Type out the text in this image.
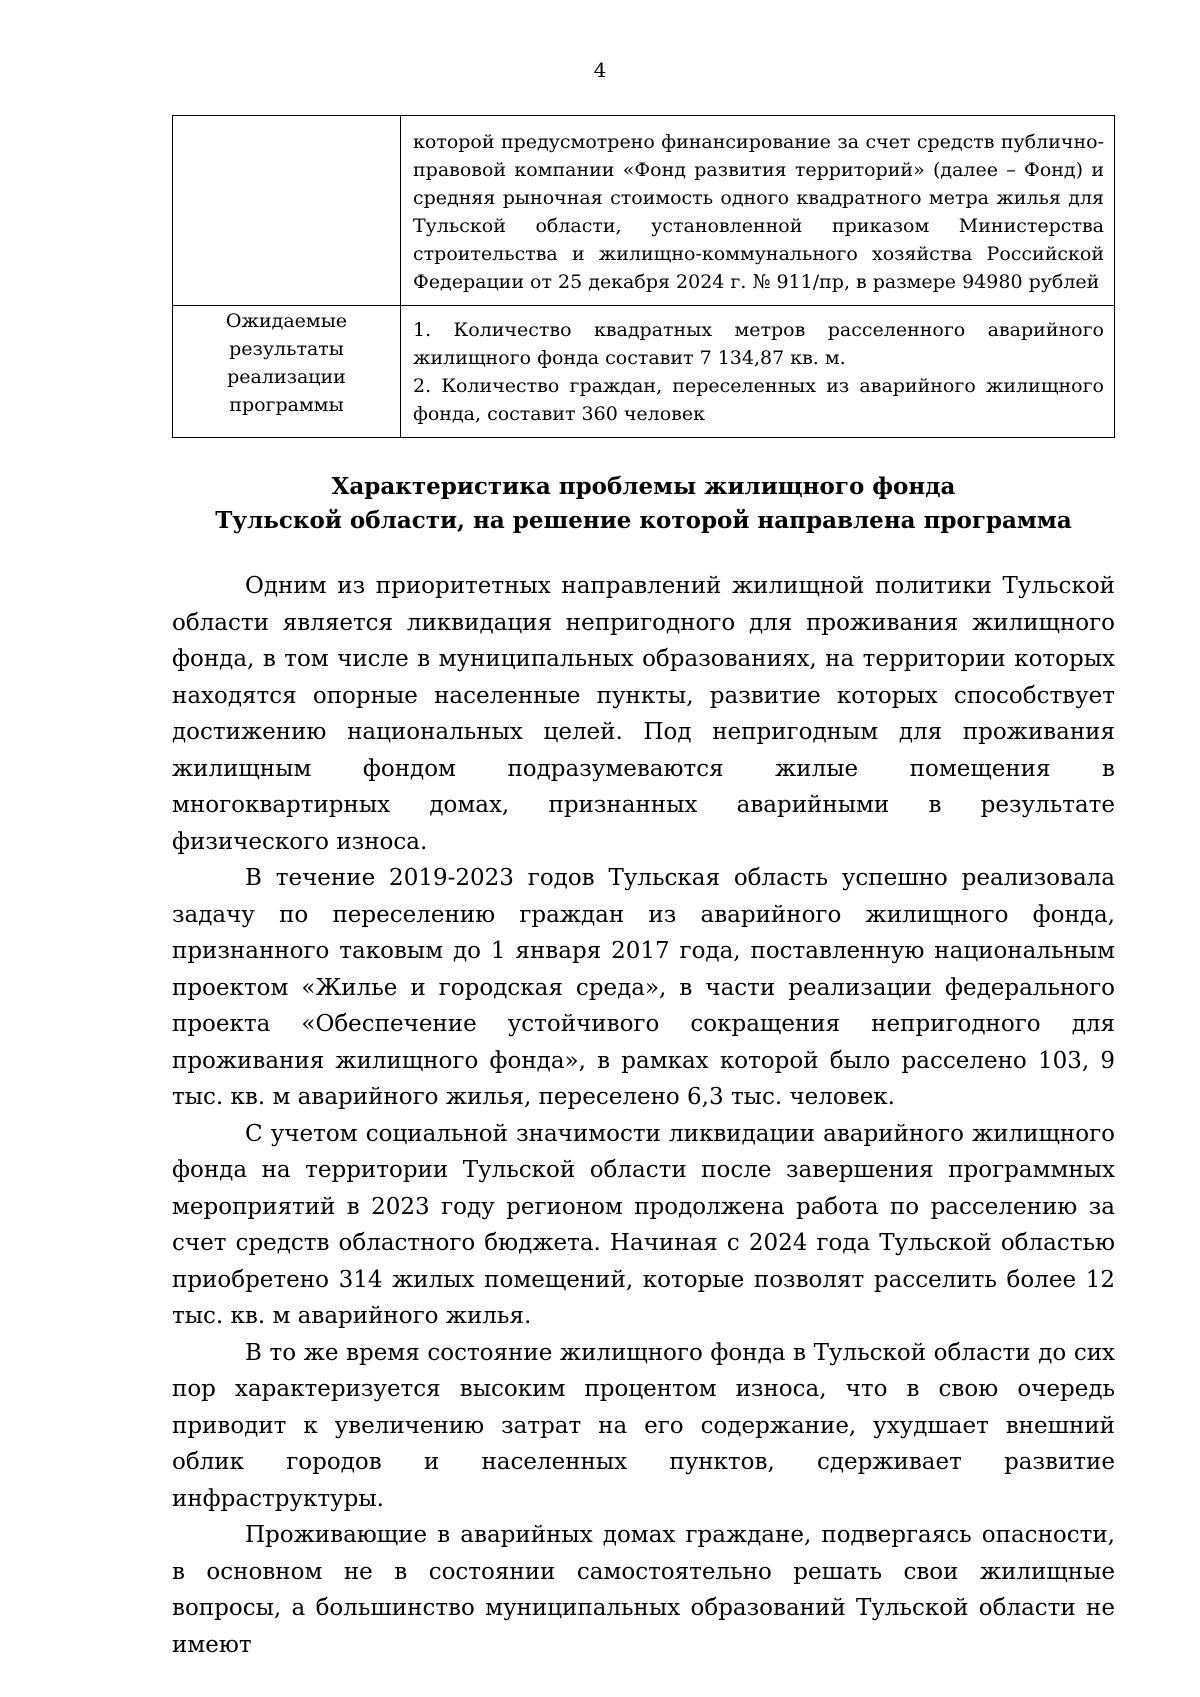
4
	которой предусмотрено финансирование за счет средств публично-правовой компании «Фонд развития территорий» (далее – Фонд) и средняя рыночная стоимость одного квадратного метра жилья для Тульской области, установленной приказом Министерства строительства и жилищно-коммунального хозяйства Российской Федерации от 25 декабря 2024 г. № 911/пр, в размере 94980 рублей
Ожидаемые результаты реализации программы	1. Количество квадратных метров расселенного аварийного жилищного фонда составит 7 134,87 кв. м.
2. Количество граждан, переселенных из аварийного жилищного фонда, составит 360 человек
Характеристика проблемы жилищного фонда
Тульской области, на решение которой направлена программа

Одним из приоритетных направлений жилищной политики Тульской области является ликвидация непригодного для проживания жилищного фонда, в том числе в муниципальных образованиях, на территории которых находятся опорные населенные пункты, развитие которых способствует достижению национальных целей. Под непригодным для проживания жилищным фондом подразумеваются жилые помещения в многоквартирных домах, признанных аварийными в результате физического износа.

В течение 2019-2023 годов Тульская область успешно реализовала задачу по переселению граждан из аварийного жилищного фонда, признанного таковым до 1 января 2017 года, поставленную национальным проектом «Жилье и городская среда», в части реализации федерального проекта «Обеспечение устойчивого сокращения непригодного для проживания жилищного фонда», в рамках которой было расселено 103, 9 тыс. кв. м аварийного жилья, переселено 6,3 тыс. человек.

С учетом социальной значимости ликвидации аварийного жилищного фонда на территории Тульской области после завершения программных мероприятий в 2023 году регионом продолжена работа по расселению за счет средств областного бюджета. Начиная с 2024 года Тульской областью приобретено 314 жилых помещений, которые позволят расселить более 12 тыс. кв. м аварийного жилья.

В то же время состояние жилищного фонда в Тульской области до сих пор характеризуется высоким процентом износа, что в свою очередь приводит к увеличению затрат на его содержание, ухудшает внешний облик городов и населенных пунктов, сдерживает развитие инфраструктуры.

Проживающие в аварийных домах граждане, подвергаясь опасности, в основном не в состоянии самостоятельно решать свои жилищные вопросы, а большинство муниципальных образований Тульской области не имеют
